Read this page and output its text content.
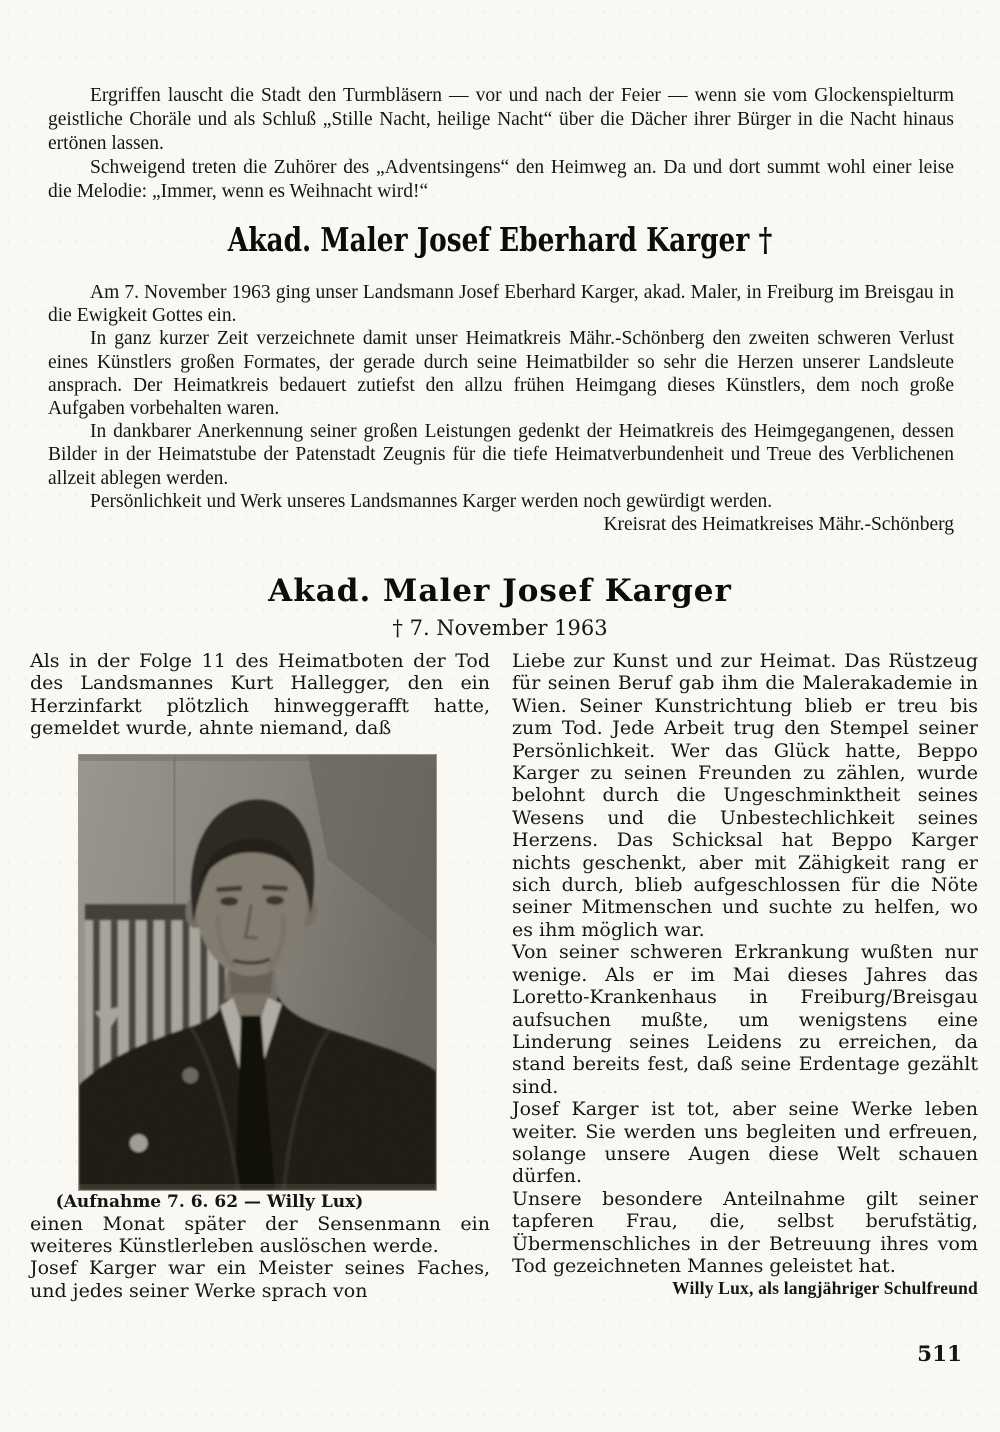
Ergriffen lauscht die Stadt den Turmbläsern — vor und nach der Feier — wenn sie vom Glockenspielturm geistliche Choräle und als Schluß „Stille Nacht, heilige Nacht“ über die Dächer ihrer Bürger in die Nacht hinaus ertönen lassen.

Schweigend treten die Zuhörer des „Adventsingens“ den Heimweg an. Da und dort summt wohl einer leise die Melodie: „Immer, wenn es Weihnacht wird!“

Akad. Maler Josef Eberhard Karger †

Am 7. November 1963 ging unser Landsmann Josef Eberhard Karger, akad. Maler, in Freiburg im Breisgau in die Ewigkeit Gottes ein.

In ganz kurzer Zeit verzeichnete damit unser Heimatkreis Mähr.-Schönberg den zweiten schweren Verlust eines Künstlers großen Formates, der gerade durch seine Heimatbilder so sehr die Herzen unserer Landsleute ansprach. Der Heimatkreis bedauert zutiefst den allzu frühen Heimgang dieses Künstlers, dem noch große Aufgaben vorbehalten waren.

In dankbarer Anerkennung seiner großen Leistungen gedenkt der Heimatkreis des Heimgegangenen, dessen Bilder in der Heimatstube der Patenstadt Zeugnis für die tiefe Heimatverbundenheit und Treue des Verblichenen allzeit ablegen werden.

Persönlichkeit und Werk unseres Landsmannes Karger werden noch gewürdigt werden.

Kreisrat des Heimatkreises Mähr.-Schönberg

Akad. Maler Josef Karger

† 7. November 1963

Als in der Folge 11 des Heimatboten der Tod des Landsmannes Kurt Hallegger, den ein Herzinfarkt plötzlich hinweggerafft hatte, gemeldet wurde, ahnte niemand, daß

(Aufnahme 7. 6. 62 — Willy Lux)

einen Monat später der Sensenmann ein weiteres Künstlerleben auslöschen werde.

Josef Karger war ein Meister seines Faches, und jedes seiner Werke sprach von

Liebe zur Kunst und zur Heimat. Das Rüstzeug für seinen Beruf gab ihm die Malerakademie in Wien. Seiner Kunstrichtung blieb er treu bis zum Tod. Jede Arbeit trug den Stempel seiner Persönlichkeit. Wer das Glück hatte, Beppo Karger zu seinen Freunden zu zählen, wurde belohnt durch die Ungeschminktheit seines Wesens und die Unbestechlichkeit seines Herzens. Das Schicksal hat Beppo Karger nichts geschenkt, aber mit Zähigkeit rang er sich durch, blieb aufgeschlossen für die Nöte seiner Mitmenschen und suchte zu helfen, wo es ihm möglich war.

Von seiner schweren Erkrankung wußten nur wenige. Als er im Mai dieses Jahres das Loretto-Krankenhaus in Freiburg/Breisgau aufsuchen mußte, um wenigstens eine Linderung seines Leidens zu erreichen, da stand bereits fest, daß seine Erdentage gezählt sind.

Josef Karger ist tot, aber seine Werke leben weiter. Sie werden uns begleiten und erfreuen, solange unsere Augen diese Welt schauen dürfen.

Unsere besondere Anteilnahme gilt seiner tapferen Frau, die, selbst berufstätig, Übermenschliches in der Betreuung ihres vom Tod gezeichneten Mannes geleistet hat.

Willy Lux, als langjähriger Schulfreund

511
